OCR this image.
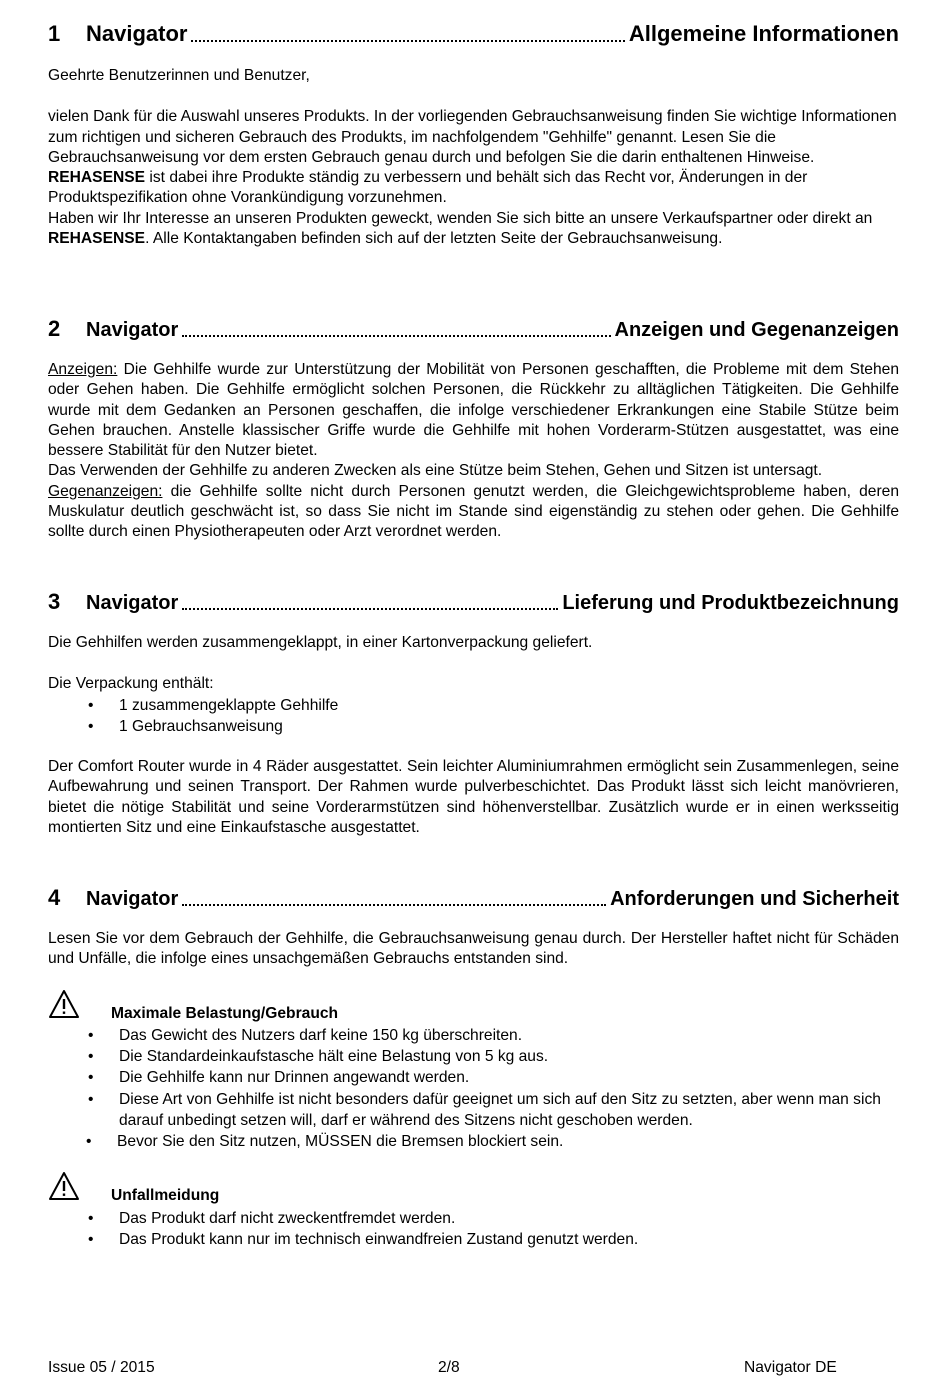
1	Navigator	Allgemeine Informationen

Geehrte Benutzerinnen und Benutzer,

vielen Dank für die Auswahl unseres Produkts. In der vorliegenden Gebrauchsanweisung finden Sie wichtige Informationen zum richtigen und sicheren Gebrauch des Produkts, im nachfolgendem "Gehhilfe" genannt. Lesen Sie die Gebrauchsanweisung vor dem ersten Gebrauch genau durch und befolgen Sie die darin enthaltenen Hinweise.

REHASENSE ist dabei ihre Produkte ständig zu verbessern und behält sich das Recht vor, Änderungen in der Produktspezifikation ohne Vorankündigung vorzunehmen.

Haben wir Ihr Interesse an unseren Produkten geweckt, wenden Sie sich bitte an unsere Verkaufspartner oder direkt an REHASENSE. Alle Kontaktangaben befinden sich auf der letzten Seite der Gebrauchsanweisung.

2	Navigator	Anzeigen und Gegenanzeigen

Anzeigen: Die Gehhilfe wurde zur Unterstützung der Mobilität von Personen geschafften, die Probleme mit dem Stehen oder Gehen haben. Die Gehhilfe ermöglicht solchen Personen, die Rückkehr zu alltäglichen Tätigkeiten. Die Gehhilfe wurde mit dem Gedanken an Personen geschaffen, die infolge verschiedener Erkrankungen eine Stabile Stütze beim Gehen brauchen. Anstelle klassischer Griffe wurde die Gehhilfe mit hohen Vorderarm-Stützen ausgestattet, was eine bessere Stabilität für den Nutzer bietet.

Das Verwenden der Gehhilfe zu anderen Zwecken als eine Stütze beim Stehen, Gehen und Sitzen ist untersagt.

Gegenanzeigen: die Gehhilfe sollte nicht durch Personen genutzt werden, die Gleichgewichtsprobleme haben, deren Muskulatur deutlich geschwächt ist, so dass Sie nicht im Stande sind eigenständig zu stehen oder gehen. Die Gehhilfe sollte durch einen Physiotherapeuten oder Arzt verordnet werden.

3	Navigator	Lieferung und Produktbezeichnung

Die Gehhilfen werden zusammengeklappt, in einer Kartonverpackung geliefert.

Die Verpackung enthält:

• 1 zusammengeklappte Gehhilfe
• 1 Gebrauchsanweisung

Der Comfort Router wurde in 4 Räder ausgestattet. Sein leichter Aluminiumrahmen ermöglicht sein Zusammenlegen, seine Aufbewahrung und seinen Transport. Der Rahmen wurde pulverbeschichtet. Das Produkt lässt sich leicht manövrieren, bietet die nötige Stabilität und seine Vorderarmstützen sind höhenverstellbar. Zusätzlich wurde er in einen werksseitig montierten Sitz und eine Einkaufstasche ausgestattet.

4	Navigator	Anforderungen und Sicherheit

Lesen Sie vor dem Gebrauch der Gehhilfe, die Gebrauchsanweisung genau durch. Der Hersteller haftet nicht für Schäden und Unfälle, die infolge eines unsachgemäßen Gebrauchs entstanden sind.

Maximale Belastung/Gebrauch
• Das Gewicht des Nutzers darf keine 150 kg überschreiten.
• Die Standardeinkaufstasche hält eine Belastung von 5 kg aus.
• Die Gehhilfe kann nur Drinnen angewandt werden.
• Diese Art von Gehhilfe ist nicht besonders dafür geeignet um sich auf den Sitz zu setzten, aber wenn man sich darauf unbedingt setzen will, darf er während des Sitzens nicht geschoben werden.
• Bevor Sie den Sitz nutzen, MÜSSEN die Bremsen blockiert sein.
Unfallmeidung
• Das Produkt darf nicht zweckentfremdet werden.
• Das Produkt kann nur im technisch einwandfreien Zustand genutzt werden.
Issue 05 / 2015	2/8	Navigator DE
